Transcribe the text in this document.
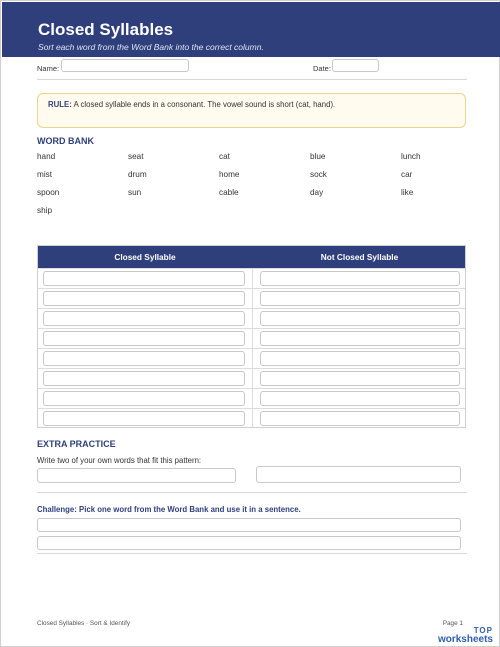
Closed Syllables
Sort each word from the Word Bank into the correct column.
Name:	Date:
RULE: A closed syllable ends in a consonant. The vowel sound is short (cat, hand).
WORD BANK
hand	seat	cat	blue	lunch
mist	drum	home	sock	car
spoon	sun	cable	day	like
ship
Closed Syllable	Not Closed Syllable
EXTRA PRACTICE
Write two of your own words that fit this pattern:
Challenge: Pick one word from the Word Bank and use it in a sentence.
Closed Syllables · Sort & Identify	Page 1
TOP
worksheets
